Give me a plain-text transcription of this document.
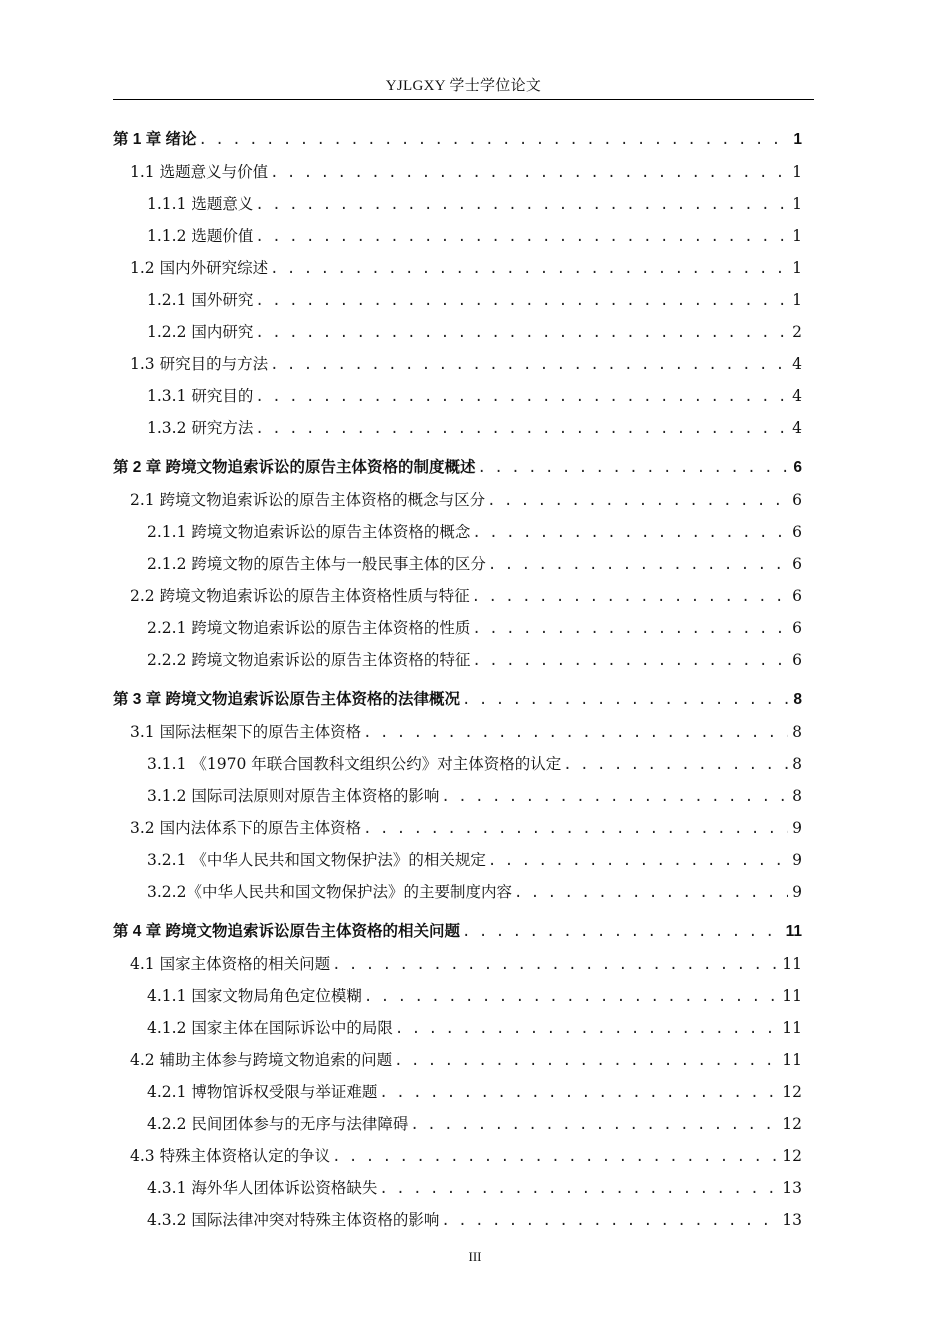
YJLGXY 学士学位论文
第 1 章 绪论 . . .	1
1.1 选题意义与价值 . . .	1
1.1.1 选题意义 . . .	1
1.1.2 选题价值 . . .	1
1.2 国内外研究综述 . . .	1
1.2.1 国外研究 . . .	1
1.2.2 国内研究 . . .	2
1.3 研究目的与方法 . . .	4
1.3.1 研究目的 . . .	4
1.3.2 研究方法 . . .	4
第 2 章 跨境文物追索诉讼的原告主体资格的制度概述 . . .	6
2.1 跨境文物追索诉讼的原告主体资格的概念与区分 . . .	6
2.1.1 跨境文物追索诉讼的原告主体资格的概念 . . .	6
2.1.2 跨境文物的原告主体与一般民事主体的区分 . . .	6
2.2 跨境文物追索诉讼的原告主体资格性质与特征 . . .	6
2.2.1 跨境文物追索诉讼的原告主体资格的性质 . . .	6
2.2.2 跨境文物追索诉讼的原告主体资格的特征 . . .	6
第 3 章 跨境文物追索诉讼原告主体资格的法律概况 . . .	8
3.1 国际法框架下的原告主体资格 . . .	8
3.1.1 《1970 年联合国教科文组织公约》对主体资格的认定 . . .	8
3.1.2 国际司法原则对原告主体资格的影响 . . .	8
3.2 国内法体系下的原告主体资格 . . .	9
3.2.1 《中华人民共和国文物保护法》的相关规定 . . .	9
3.2.2《中华人民共和国文物保护法》的主要制度内容 . . .	9
第 4 章 跨境文物追索诉讼原告主体资格的相关问题 . . .	11
4.1 国家主体资格的相关问题 . . .	11
4.1.1 国家文物局角色定位模糊 . . .	11
4.1.2 国家主体在国际诉讼中的局限 . . .	11
4.2 辅助主体参与跨境文物追索的问题 . . .	11
4.2.1 博物馆诉权受限与举证难题 . . .	12
4.2.2 民间团体参与的无序与法律障碍 . . .	12
4.3 特殊主体资格认定的争议 . . .	12
4.3.1 海外华人团体诉讼资格缺失 . . .	13
4.3.2 国际法律冲突对特殊主体资格的影响 . . .	13
III
